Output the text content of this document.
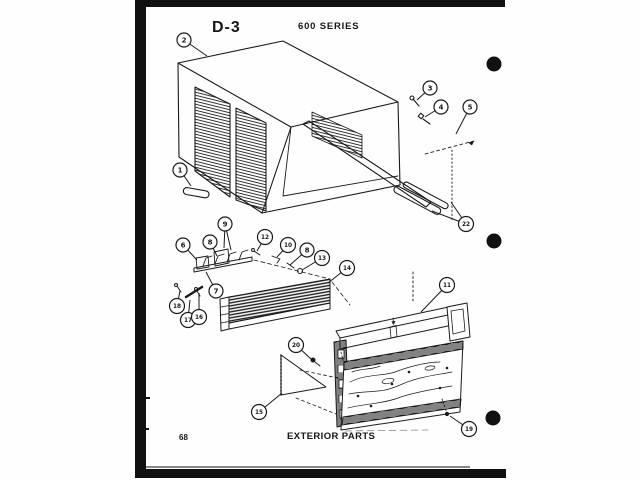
2
1
3
4	5
22
6	8
9
12
10
8
13
14
7
18
17 16
15
20
11
19
D-3	600 SERIES
EXTERIOR PARTS
68
